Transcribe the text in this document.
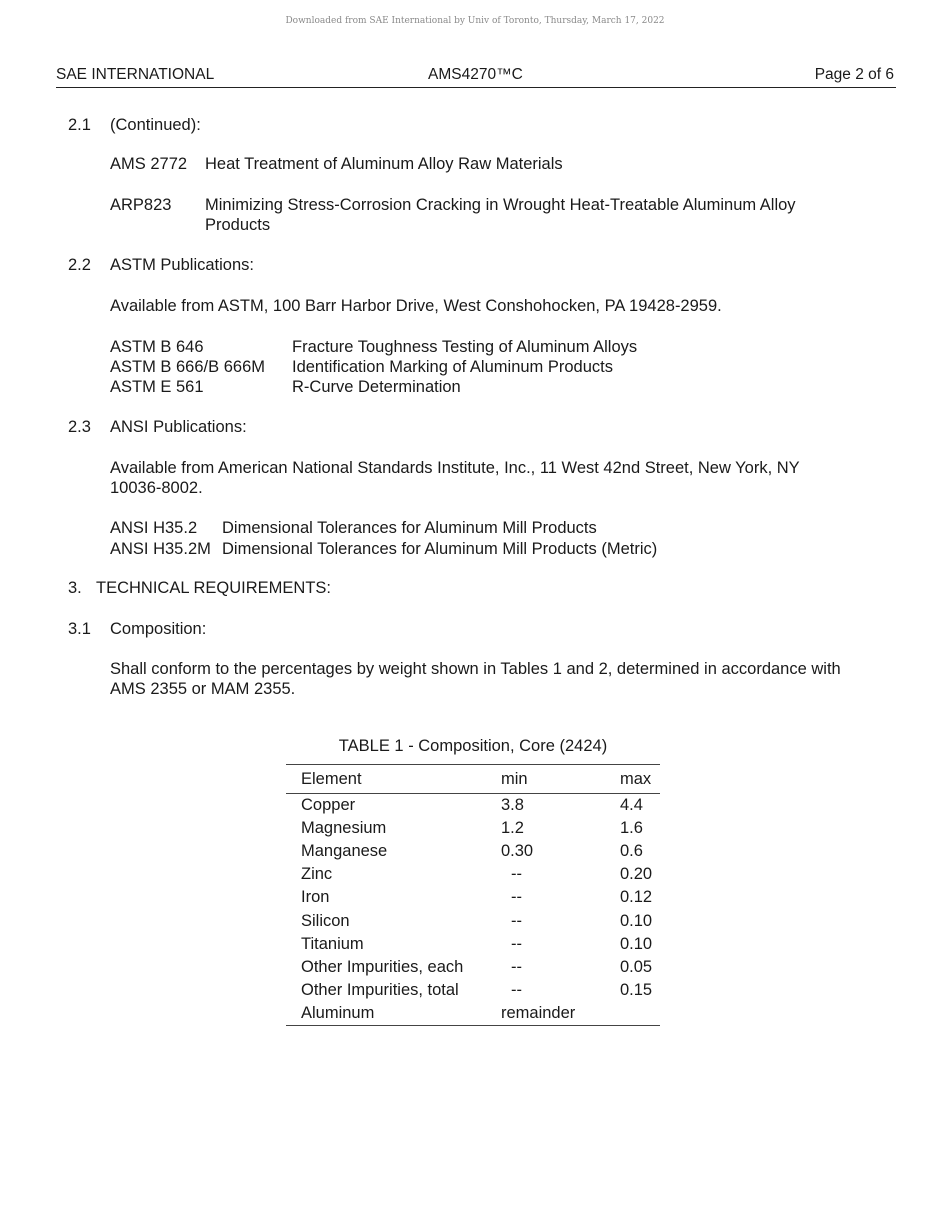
Downloaded from SAE International by Univ of Toronto, Thursday, March 17, 2022
SAE INTERNATIONAL	AMS4270™C	Page 2 of 6
2.1 (Continued):
AMS 2772 Heat Treatment of Aluminum Alloy Raw Materials
ARP823 Minimizing Stress-Corrosion Cracking in Wrought Heat-Treatable Aluminum Alloy Products
2.2 ASTM Publications:
Available from ASTM, 100 Barr Harbor Drive, West Conshohocken, PA 19428-2959.
ASTM B 646	Fracture Toughness Testing of Aluminum Alloys
ASTM B 666/B 666M Identification Marking of Aluminum Products
ASTM E 561	R-Curve Determination
2.3 ANSI Publications:
Available from American National Standards Institute, Inc., 11 West 42nd Street, New York, NY 10036-8002.
ANSI H35.2 Dimensional Tolerances for Aluminum Mill Products
ANSI H35.2M Dimensional Tolerances for Aluminum Mill Products (Metric)
3. TECHNICAL REQUIREMENTS:
3.1 Composition:
Shall conform to the percentages by weight shown in Tables 1 and 2, determined in accordance with AMS 2355 or MAM 2355.
TABLE 1 - Composition, Core (2424)
Element	min	max
Copper	3.8	4.4
Magnesium	1.2	1.6
Manganese	0.30	0.6
Zinc	--	0.20
Iron	--	0.12
Silicon	--	0.10
Titanium	--	0.10
Other Impurities, each	--	0.05
Other Impurities, total	--	0.15
Aluminum	remainder	
